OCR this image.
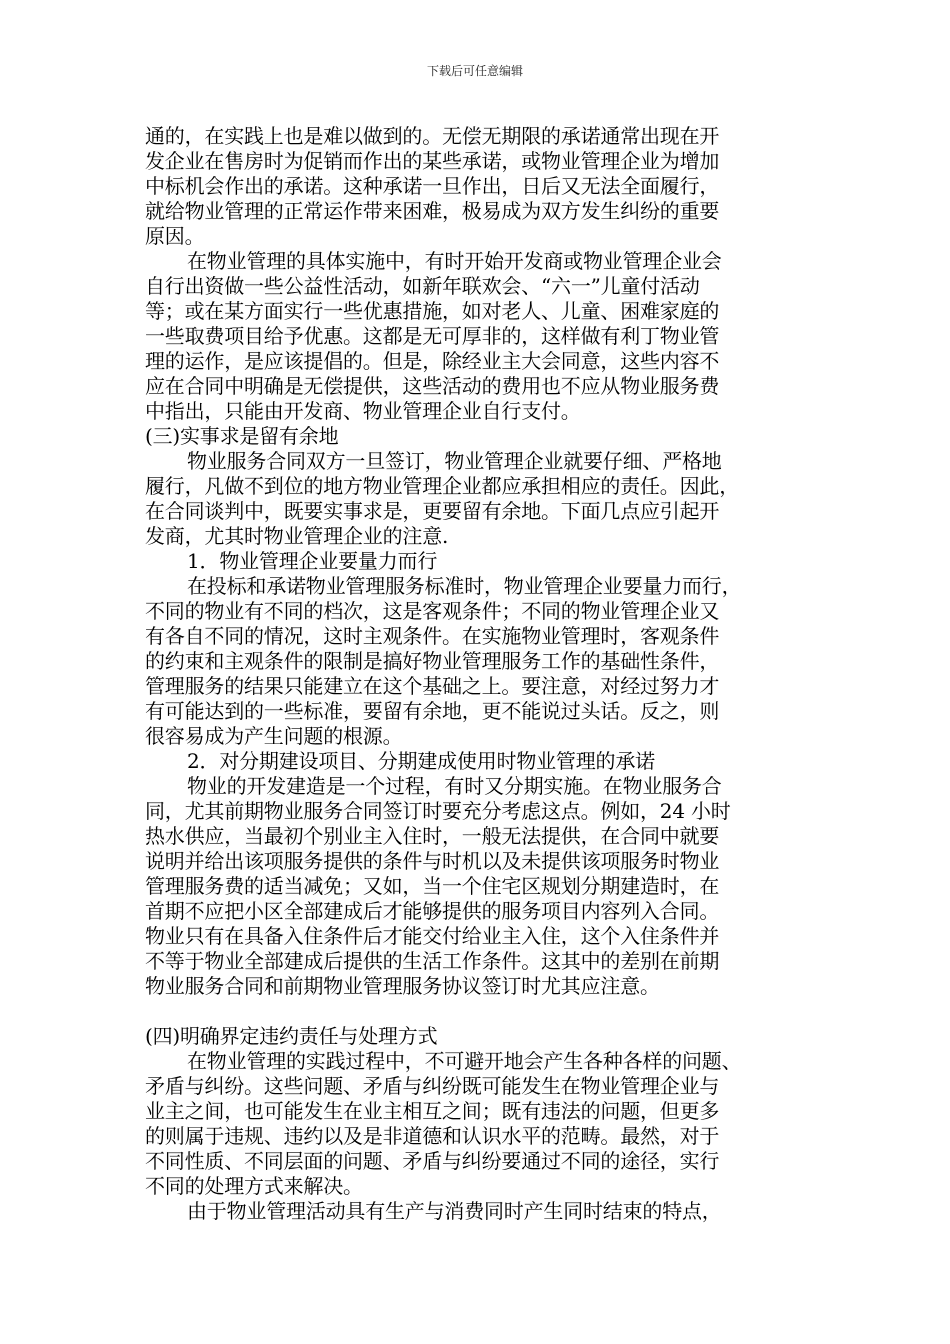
下载后可任意编辑
通的，在实践上也是难以做到的。无偿无期限的承诺通常出现在开
发企业在售房时为促销而作出的某些承诺，或物业管理企业为增加
中标机会作出的承诺。这种承诺一旦作出，日后又无法全面履行，
就给物业管理的正常运作带来困难，极易成为双方发生纠纷的重要
原因。
在物业管理的具体实施中，有时开始开发商或物业管理企业会
自行出资做一些公益性活动，如新年联欢会、“六一”儿童付活动
等；或在某方面实行一些优惠措施，如对老人、儿童、困难家庭的
一些取费项目给予优惠。这都是无可厚非的，这样做有利丁物业管
理的运作，是应该提倡的。但是，除经业主大会同意，这些内容不
应在合同中明确是无偿提供，这些活动的费用也不应从物业服务费
中指出，只能由开发商、物业管理企业自行支付。
(三)实事求是留有余地
物业服务合同双方一旦签订，物业管理企业就要仔细、严格地
履行，凡做不到位的地方物业管理企业都应承担相应的责任。因此，
在合同谈判中，既要实事求是，更要留有余地。下面几点应引起开
发商，尤其时物业管理企业的注意.
1．物业管理企业要量力而行
在投标和承诺物业管理服务标准时，物业管理企业要量力而行，
不同的物业有不同的档次，这是客观条件；不同的物业管理企业又
有各自不同的情况，这时主观条件。在实施物业管理时，客观条件
的约束和主观条件的限制是搞好物业管理服务工作的基础性条件，
管理服务的结果只能建立在这个基础之上。要注意，对经过努力才
有可能达到的一些标准，要留有余地，更不能说过头话。反之，则
很容易成为产生问题的根源。
2．对分期建设项目、分期建成使用时物业管理的承诺
物业的开发建造是一个过程，有时又分期实施。在物业服务合
同，尤其前期物业服务合同签订时要充分考虑这点。例如，24 小时
热水供应，当最初个别业主入住时，一般无法提供，在合同中就要
说明并给出该项服务提供的条件与时机以及未提供该项服务时物业
管理服务费的适当减免；又如，当一个住宅区规划分期建造时，在
首期不应把小区全部建成后才能够提供的服务项目内容列入合同。
物业只有在具备入住条件后才能交付给业主入住，这个入住条件并
不等于物业全部建成后提供的生活工作条件。这其中的差别在前期
物业服务合同和前期物业管理服务协议签订时尤其应注意。
(四)明确界定违约责任与处理方式
在物业管理的实践过程中，不可避开地会产生各种各样的问题、
矛盾与纠纷。这些问题、矛盾与纠纷既可能发生在物业管理企业与
业主之间，也可能发生在业主相互之间；既有违法的问题，但更多
的则属于违规、违约以及是非道德和认识水平的范畴。最然，对于
不同性质、不同层面的问题、矛盾与纠纷要通过不同的途径，实行
不同的处理方式来解决。
由于物业管理活动具有生产与消费同时产生同时结束的特点，
